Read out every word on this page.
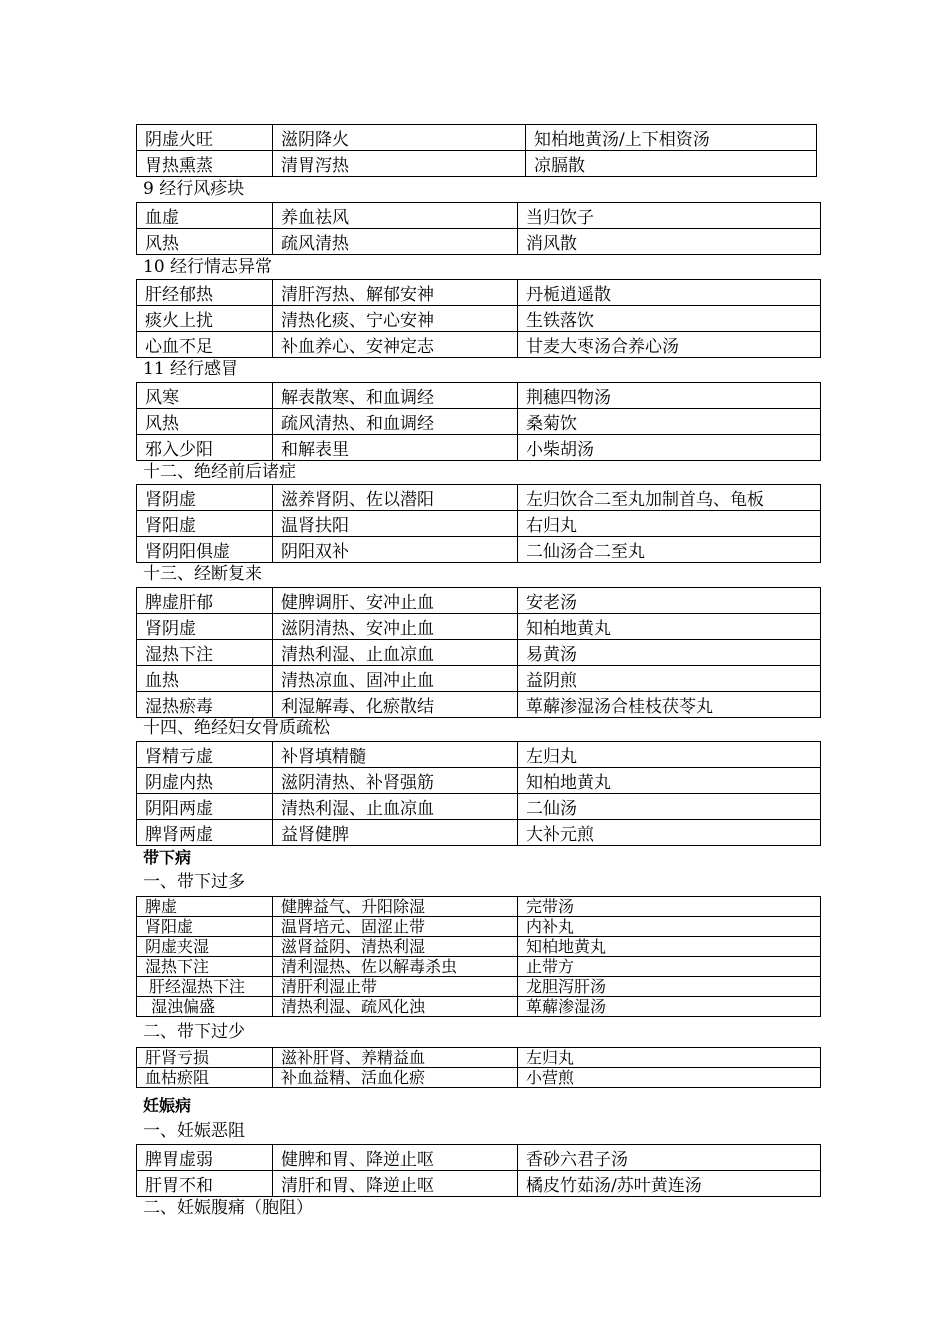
阴虚火旺	滋阴降火	知柏地黄汤/上下相资汤
胃热熏蒸	清胃泻热	凉膈散
9 经行风疹块
血虚	养血祛风	当归饮子
风热	疏风清热	消风散
10 经行情志异常
肝经郁热	清肝泻热、解郁安神	丹栀逍遥散
痰火上扰	清热化痰、宁心安神	生铁落饮
心血不足	补血养心、安神定志	甘麦大枣汤合养心汤
11 经行感冒
风寒	解表散寒、和血调经	荆穗四物汤
风热	疏风清热、和血调经	桑菊饮
邪入少阳	和解表里	小柴胡汤
十二、绝经前后诸症
肾阴虚	滋养肾阴、佐以潜阳	左归饮合二至丸加制首乌、龟板
肾阳虚	温肾扶阳	右归丸
肾阴阳俱虚	阴阳双补	二仙汤合二至丸
十三、经断复来
脾虚肝郁	健脾调肝、安冲止血	安老汤
肾阴虚	滋阴清热、安冲止血	知柏地黄丸
湿热下注	清热利湿、止血凉血	易黄汤
血热	清热凉血、固冲止血	益阴煎
湿热瘀毒	利湿解毒、化瘀散结	萆薢渗湿汤合桂枝茯苓丸
十四、绝经妇女骨质疏松
肾精亏虚	补肾填精髓	左归丸
阴虚内热	滋阴清热、补肾强筋	知柏地黄丸
阴阳两虚	清热利湿、止血凉血	二仙汤
脾肾两虚	益肾健脾	大补元煎
带下病
一、带下过多
脾虚	健脾益气、升阳除湿	完带汤
肾阳虚	温肾培元、固涩止带	内补丸
阴虚夹湿	滋肾益阴、清热利湿	知柏地黄丸
湿热下注	清利湿热、佐以解毒杀虫	止带方
肝经湿热下注	清肝利湿止带	龙胆泻肝汤
湿浊偏盛	清热利湿、疏风化浊	萆薢渗湿汤
二、带下过少
肝肾亏损	滋补肝肾、养精益血	左归丸
血枯瘀阻	补血益精、活血化瘀	小营煎
妊娠病
一、妊娠恶阻
脾胃虚弱	健脾和胃、降逆止呕	香砂六君子汤
肝胃不和	清肝和胃、降逆止呕	橘皮竹茹汤/苏叶黄连汤
二、妊娠腹痛（胞阻）
